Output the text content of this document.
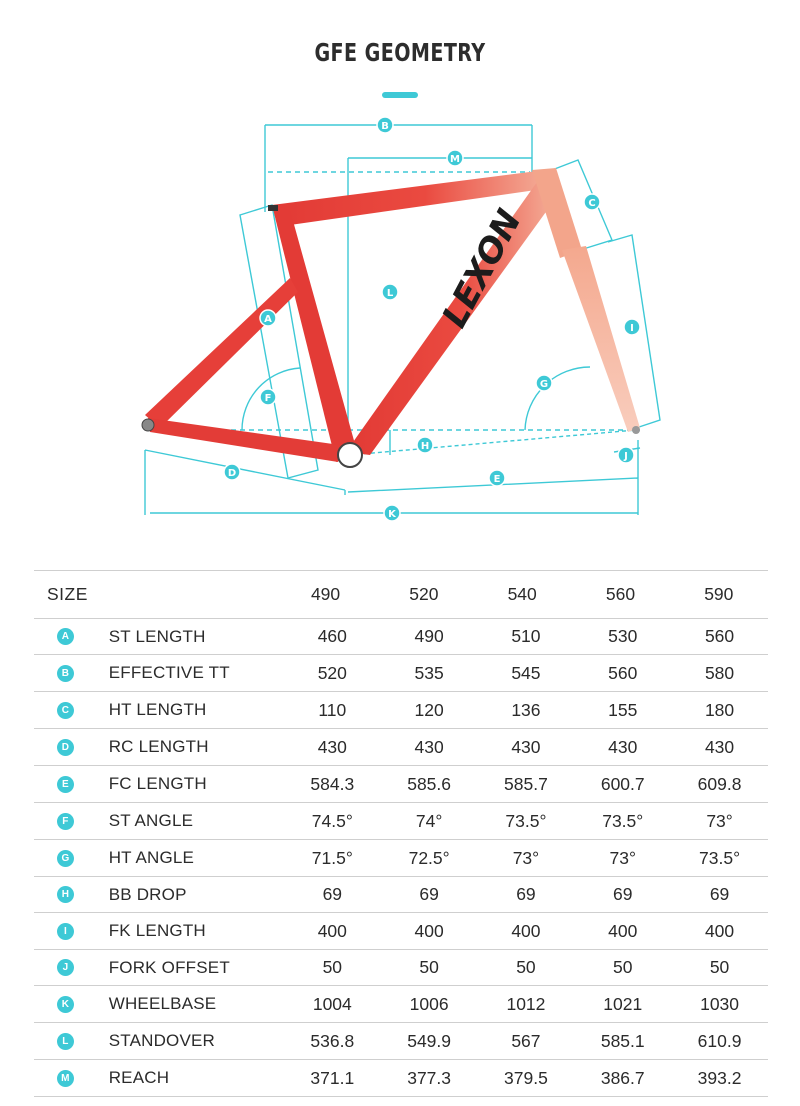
GFE GEOMETRY
LEXON
B
M
C
L
A
I
G
F
H
J
D
E
K
SIZE	490	520	540	560	590
A	ST LENGTH	460	490	510	530	560
B	EFFECTIVE TT	520	535	545	560	580
C	HT LENGTH	110	120	136	155	180
D	RC LENGTH	430	430	430	430	430
E	FC LENGTH	584.3	585.6	585.7	600.7	609.8
F	ST ANGLE	74.5°	74°	73.5°	73.5°	73°
G	HT ANGLE	71.5°	72.5°	73°	73°	73.5°
H	BB DROP	69	69	69	69	69
I	FK LENGTH	400	400	400	400	400
J	FORK OFFSET	50	50	50	50	50
K	WHEELBASE	1004	1006	1012	1021	1030
L	STANDOVER	536.8	549.9	567	585.1	610.9
M	REACH	371.1	377.3	379.5	386.7	393.2
